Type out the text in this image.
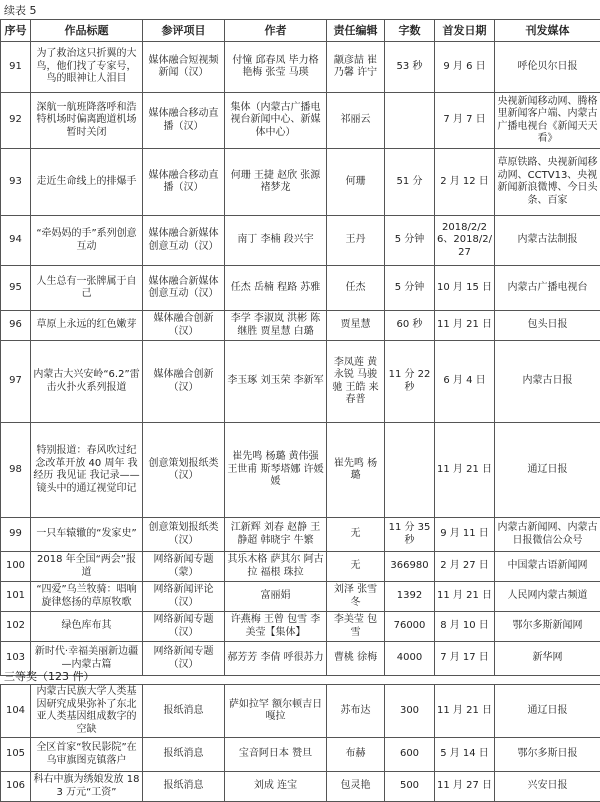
续表 5
序号	作品标题	参评项目	作者	责任编辑	字数	首发日期	刊发媒体
91	为了救治这只折翼的大鸟，他们找了专家号，鸟的眼神让人泪目	媒体融合短视频新闻（汉）	付憧 邱春凤 毕力格 艳梅 张莹 马瑛	颛彦喆 崔乃馨 许宁	53 秒	9 月 6 日	呼伦贝尔日报
92	深航一航班降落呼和浩特机场时偏离跑道机场暂时关闭	媒体融合移动直播（汉）	集体（内蒙古广播电视台新闻中心、新媒体中心）	祁丽云		7 月 7 日	央视新闻移动网、腾格里新闻客户端、内蒙古广播电视台《新闻天天看》
93	走近生命线上的排爆手	媒体融合移动直播（汉）	何珊 王捷 赵欣 张源 褚梦龙	何珊	51 分	2 月 12 日	草原铁路、央视新闻移动网、CCTV13、央视新闻新浪微博、今日头条、百家
94	“牵妈妈的手”系列创意互动	媒体融合新媒体创意互动（汉）	南丁 李楠 段兴宇	王丹	5 分钟	2018/2/26、2018/2/27	内蒙古法制报
95	人生总有一张牌属于自己	媒体融合新媒体创意互动（汉）	任杰 岳楠 程路 苏雅	任杰	5 分钟	10 月 15 日	内蒙古广播电视台
96	草原上永远的红色嫩芽	媒体融合创新（汉）	李学 李淑岚 洪彬 陈继胜 贾星慧 白璐	贾星慧	60 秒	11 月 21 日	包头日报
97	内蒙古大兴安岭“6.2”雷击火扑火系列报道	媒体融合创新（汉）	李玉琢 刘玉荣 李新军	李凤莲 黄永锐 马骏驰 王皓 来春普	11 分 22 秒	6 月 4 日	内蒙古日报
98	特别报道：春风吹过纪念改革开放 40 周年 我经历 我见证 我记录——镜头中的通辽视觉印记	创意策划报纸类（汉）	崔先鸣 杨璐 黄伟强 王世甫 斯琴塔娜 许媛媛	崔先鸣 杨璐		11 月 21 日	通辽日报
99	一只车辕辙的“发家史”	创意策划报纸类（汉）	江新辉 刘春 赵静 王静超 韩晓宇 牛繁	无	11 分 35 秒	9 月 11 日	内蒙古新闻网、内蒙古日报微信公众号
100	2018 年全国“两会”报道	网络新闻专题（蒙）	其乐木格 萨其尔 阿古拉 福根 珠拉	无	366980	2 月 27 日	中国蒙古语新闻网
101	“四爱”乌兰牧骑：唱响旋律悠扬的草原牧歌	网络新闻评论（汉）	富丽娟	刘泽 张雪冬	1392	11 月 21 日	人民网内蒙古频道
102	绿色库布其	网络新闻专题（汉）	许燕梅 王曾 包雪 李美莹【集体】	李美莹 包雪	76000	8 月 10 日	鄂尔多斯新闻网
103	新时代·幸福美丽新边疆—内蒙古篇	网络新闻专题（汉）	郝芳芳 李倩 呼很苏力	曹桃 徐梅	4000	7 月 17 日	新华网
三等奖（123 件）
104	内蒙古民族大学人类基因研究成果弥补了东北亚人类基因组成数字的空缺	报纸消息	萨如拉罕 额尔顿吉日嘎拉	苏布达	300	11 月 21 日	通辽日报
105	全区首家“牧民影院”在乌审旗图克镇落户	报纸消息	宝音阿日本 赞旦	布赫	600	5 月 14 日	鄂尔多斯日报
106	科右中旗为绣娘发放 183 万元“工资”	报纸消息	刘成 连宝	包灵艳	500	11 月 27 日	兴安日报
